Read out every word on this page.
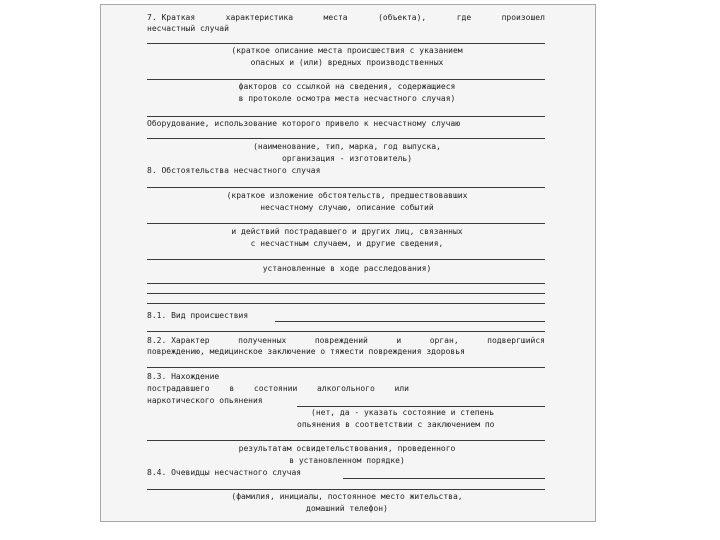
7. Краткая	характеристика	места	(объекта),	где	произошел
несчастный случай
(краткое описание места происшествия с указанием
опасных и (или) вредных производственных
факторов со ссылкой на сведения, содержащиеся
в протоколе осмотра места несчастного случая)
Оборудование, использование которого привело к несчастному случаю
(наименование, тип, марка, год выпуска,
организация - изготовитель)
8. Обстоятельства несчастного случая
(краткое изложение обстоятельств, предшествовавших
несчастному случаю, описание событий
и действий пострадавшего и других лиц, связанных
с несчастным случаем, и другие сведения,
установленные в ходе расследования)
8.1. Вид происшествия
8.2. Характер	полученных	повреждений	и	орган,	подвергшийся
повреждению, медицинское заключение о тяжести повреждения здоровья
8.3. Нахождение
пострадавшего в состоянии алкогольного или
наркотического опьянения
(нет, да - указать состояние и степень
опьянения в соответствии с заключением по
результатам освидетельствования, проведенного
в установленном порядке)
8.4. Очевидцы несчастного случая
(фамилия, инициалы, постоянное место жительства,
домашний телефон)
